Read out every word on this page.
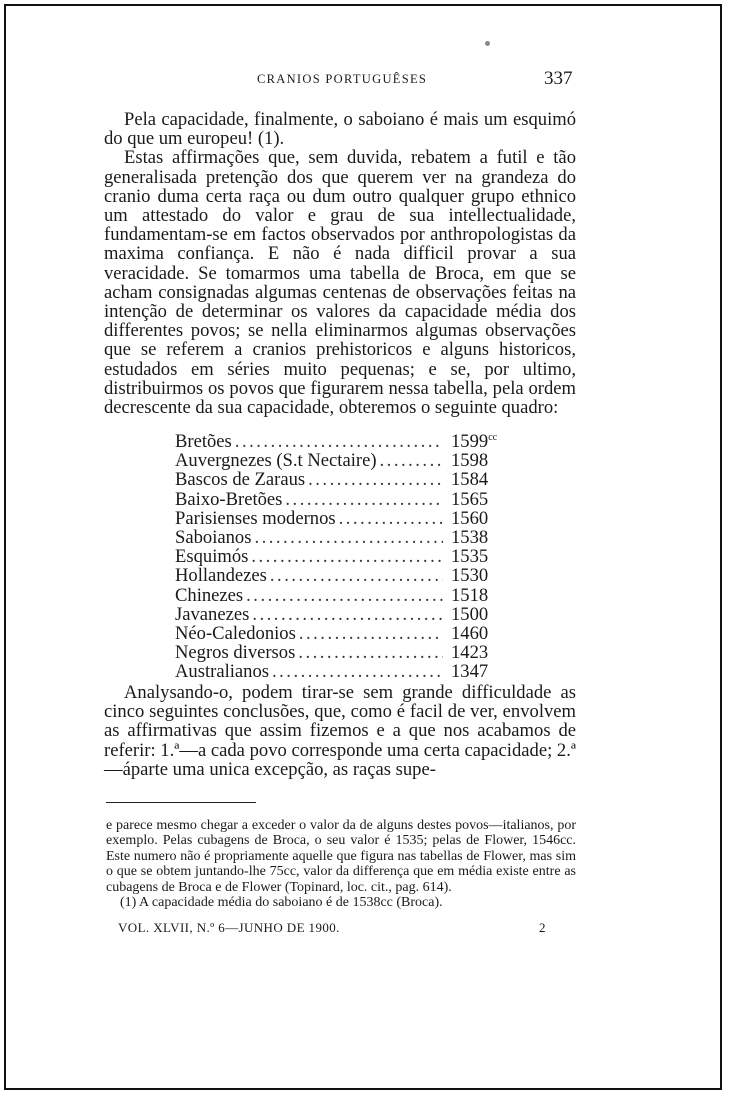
CRANIOS PORTUGUÊSES	337

Pela capacidade, finalmente, o saboiano é mais um esquimó do que um europeu! (1).

Estas affirmações que, sem duvida, rebatem a futil e tão generalisada pretenção dos que querem ver na grandeza do cranio duma certa raça ou dum outro qualquer grupo ethnico um attestado do valor e grau de sua intellectualidade, fundamentam-se em factos observados por anthropologistas da maxima confiança. E não é nada difficil provar a sua veracidade. Se tomarmos uma tabella de Broca, em que se acham consignadas algumas centenas de observações feitas na intenção de determinar os valores da capacidade média dos differentes povos; se nella eliminarmos algumas observações que se referem a cranios prehistoricos e alguns historicos, estudados em séries muito pequenas; e se, por ultimo, distribuirmos os povos que figurarem nessa tabella, pela ordem decrescente da sua capacidade, obteremos o seguinte quadro:

Bretões .....	$1599^{cc}$
Auvergnezes (S.t Nectaire) .....	1598
Bascos de Zaraus .....	1584
Baixo-Bretões .....	1565
Parisienses modernos .....	1560
Saboianos .....	1538
Esquimós .....	1535
Hollandezes .....	1530
Chinezes .....	1518
Javanezes .....	1500
Néo-Caledonios .....	1460
Negros diversos .....	1423
Australianos .....	1347

Analysando-o, podem tirar-se sem grande difficuldade as cinco seguintes conclusões, que, como é facil de ver, envolvem as affirmativas que assim fizemos e a que nos acabamos de referir: 1.ª—a cada povo corresponde uma certa capacidade; 2.ª—áparte uma unica excepção, as raças supe-

e parece mesmo chegar a exceder o valor da de alguns destes povos—italianos, por exemplo. Pelas cubagens de Broca, o seu valor é 1535; pelas de Flower, 1546cc. Este numero não é propriamente aquelle que figura nas tabellas de Flower, mas sim o que se obtem juntando-lhe 75cc, valor da differença que em média existe entre as cubagens de Broca e de Flower (Topinard, loc. cit., pag. 614).

(1) A capacidade média do saboiano é de 1538cc (Broca).

VOL. XLVII, N.º 6—JUNHO DE 1900.	2
